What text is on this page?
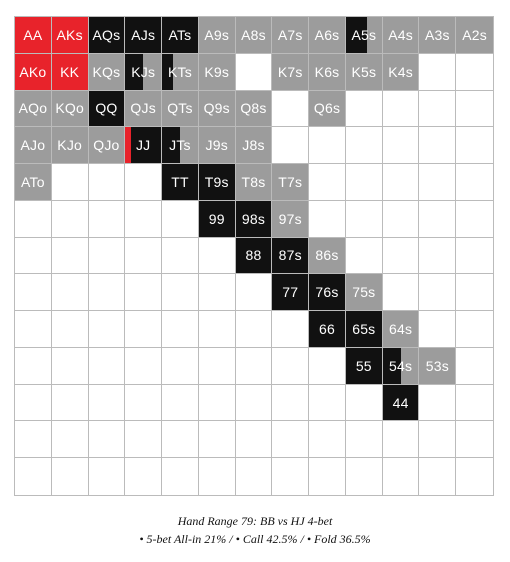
AA	AKs AQs AJs ATs A9s A8s A7s A6s A5s A4s A3s A2s
AKo KK KQs KJs KTs K9s	K7s K6s K5s K4s
AQo KQo QQ QJs QTs Q9s Q8s	Q6s
AJo KJo QJo	JJ	JTs	J9s	J8s
ATo	TT	T9s T8s T7s
99	98s 97s
88	87s 86s
77	76s 75s
66	65s 64s
55	54s 53s
44
Hand Range 79: BB vs HJ 4-bet
• 5-bet All-in 21% / • Call 42.5% / • Fold 36.5%
